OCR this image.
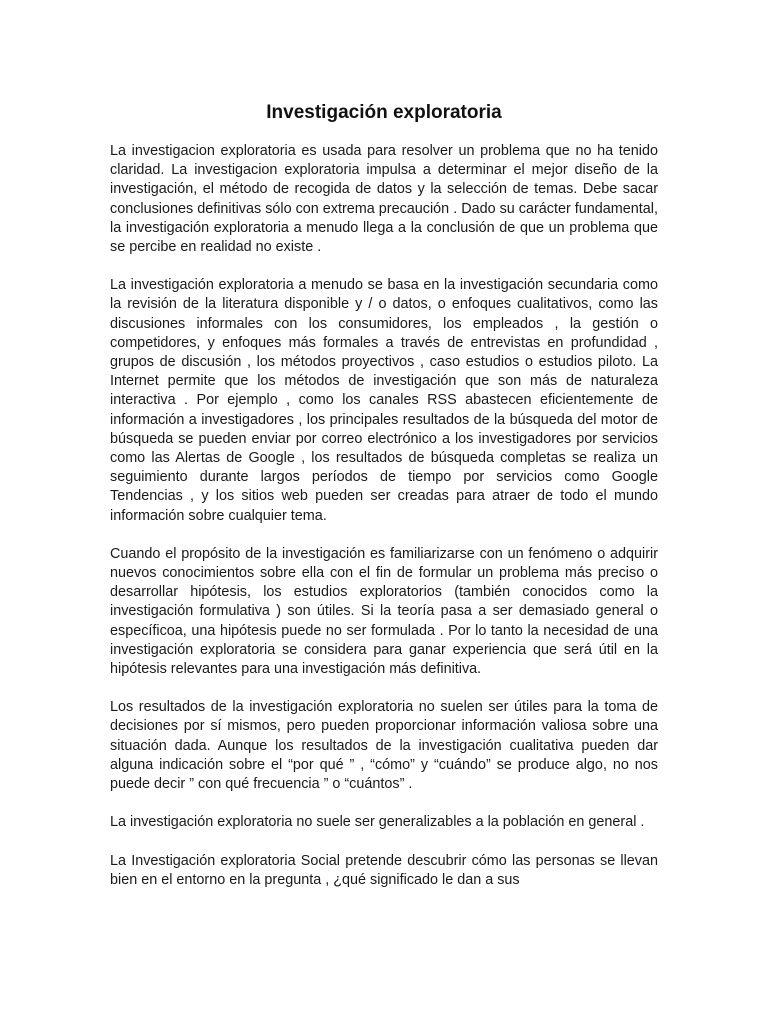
Investigación exploratoria

La investigacion exploratoria es usada para resolver un problema que no ha tenido claridad. La investigacion exploratoria impulsa a determinar el mejor diseño de la investigación, el método de recogida de datos y la selección de temas. Debe sacar conclusiones definitivas sólo con extrema precaución . Dado su carácter fundamental, la investigación exploratoria a menudo llega a la conclusión de que un problema que se percibe en realidad no existe .

La investigación exploratoria a menudo se basa en la investigación secundaria como la revisión de la literatura disponible y / o datos, o enfoques cualitativos, como las discusiones informales con los consumidores, los empleados , la gestión o competidores, y enfoques más formales a través de entrevistas en profundidad , grupos de discusión , los métodos proyectivos , caso estudios o estudios piloto. La Internet permite que los métodos de investigación que son más de naturaleza interactiva . Por ejemplo , como los canales RSS abastecen eficientemente de información a investigadores , los principales resultados de la búsqueda del motor de búsqueda se pueden enviar por correo electrónico a los investigadores por servicios como las Alertas de Google , los resultados de búsqueda completas se realiza un seguimiento durante largos períodos de tiempo por servicios como Google Tendencias , y los sitios web pueden ser creadas para atraer de todo el mundo información sobre cualquier tema.

Cuando el propósito de la investigación es familiarizarse con un fenómeno o adquirir nuevos conocimientos sobre ella con el fin de formular un problema más preciso o desarrollar hipótesis, los estudios exploratorios (también conocidos como la investigación formulativa ) son útiles. Si la teoría pasa a ser demasiado general o específicoa, una hipótesis puede no ser formulada . Por lo tanto la necesidad de una investigación exploratoria se considera para ganar experiencia que será útil en la hipótesis relevantes para una investigación más definitiva.

Los resultados de la investigación exploratoria no suelen ser útiles para la toma de decisiones por sí mismos, pero pueden proporcionar información valiosa sobre una situación dada. Aunque los resultados de la investigación cualitativa pueden dar alguna indicación sobre el “por qué ” , “cómo” y “cuándo” se produce algo, no nos puede decir ” con qué frecuencia ” o “cuántos” .

La investigación exploratoria no suele ser generalizables a la población en general .

La Investigación exploratoria Social pretende descubrir cómo las personas se llevan bien en el entorno en la pregunta , ¿qué significado le dan a sus
